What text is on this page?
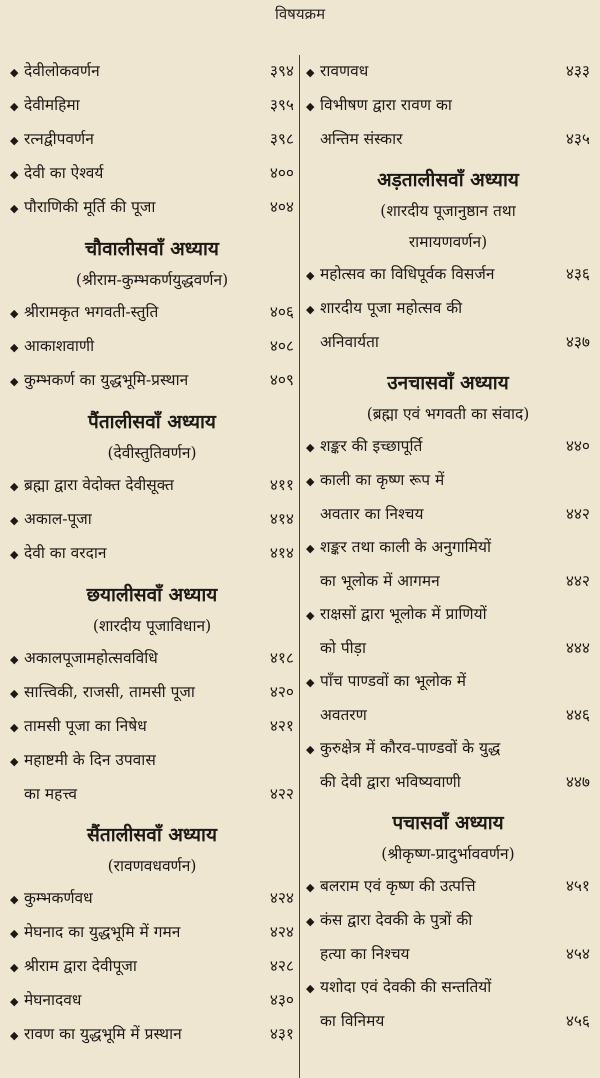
विषयक्रम
◆ देवीलोकवर्णन	३९४
◆ देवीमहिमा	३९५
◆ रत्नद्वीपवर्णन	३९८
◆ देवी का ऐश्वर्य	४००
◆ पौराणिकी मूर्ति की पूजा	४०४
चौवालीसवाँ अध्याय
(श्रीराम-कुम्भकर्णयुद्धवर्णन)
◆ श्रीरामकृत भगवती-स्तुति	४०६
◆ आकाशवाणी	४०८
◆ कुम्भकर्ण का युद्धभूमि-प्रस्थान	४०९
पैंतालीसवाँ अध्याय
(देवीस्तुतिवर्णन)
◆ ब्रह्मा द्वारा वेदोक्त देवीसूक्त	४११
◆ अकाल-पूजा	४१४
◆ देवी का वरदान	४१४
छयालीसवाँ अध्याय
(शारदीय पूजाविधान)
◆ अकालपूजामहोत्सवविधि	४१८
◆ सात्त्विकी, राजसी, तामसी पूजा	४२०
◆ तामसी पूजा का निषेध	४२१
◆ महाष्टमी के दिन उपवास
का महत्त्व	४२२
सैंतालीसवाँ अध्याय
(रावणवधवर्णन)
◆ कुम्भकर्णवध	४२४
◆ मेघनाद का युद्धभूमि में गमन	४२४
◆ श्रीराम द्वारा देवीपूजा	४२८
◆ मेघनादवध	४३०
◆ रावण का युद्धभूमि में प्रस्थान	४३१
◆ रावणवध	४३३
◆ विभीषण द्वारा रावण का
अन्तिम संस्कार	४३५
अड़तालीसवाँ अध्याय
(शारदीय पूजानुष्ठान तथा
रामायणवर्णन)
◆ महोत्सव का विधिपूर्वक विसर्जन	४३६
◆ शारदीय पूजा महोत्सव की
अनिवार्यता	४३७
उनचासवाँ अध्याय
(ब्रह्मा एवं भगवती का संवाद)
◆ शङ्कर की इच्छापूर्ति	४४०
◆ काली का कृष्ण रूप में
अवतार का निश्चय	४४२
◆ शङ्कर तथा काली के अनुगामियों
का भूलोक में आगमन	४४२
◆ राक्षसों द्वारा भूलोक में प्राणियों
को पीड़ा	४४४
◆ पाँच पाण्डवों का भूलोक में
अवतरण	४४६
◆ कुरुक्षेत्र में कौरव-पाण्डवों के युद्ध
की देवी द्वारा भविष्यवाणी	४४७
पचासवाँ अध्याय
(श्रीकृष्ण-प्रादुर्भाववर्णन)
◆ बलराम एवं कृष्ण की उत्पत्ति	४५१
◆ कंस द्वारा देवकी के पुत्रों की
हत्या का निश्चय	४५४
◆ यशोदा एवं देवकी की सन्ततियों
का विनिमय	४५६
